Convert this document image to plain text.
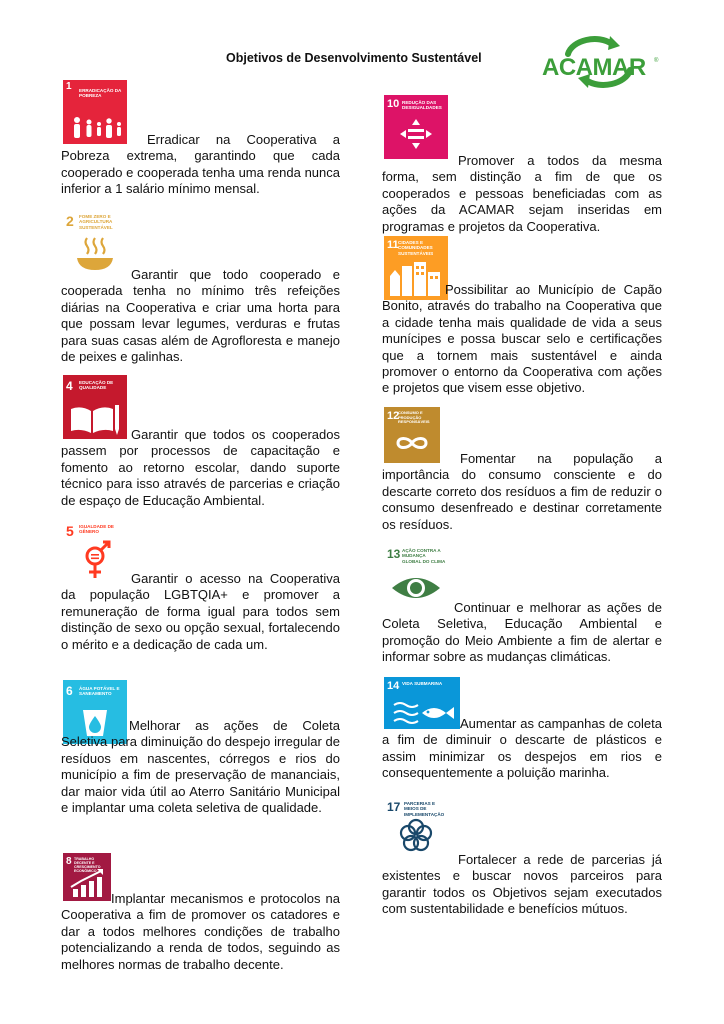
Objetivos de Desenvolvimento Sustentável	ACAMAR ®
1 ERRADICAÇÃO DA POBREZA
Erradicar na Cooperativa a Pobreza extrema, garantindo que cada cooperado e cooperada tenha uma renda nunca inferior a 1 salário mínimo mensal.
2 FOME ZERO E AGRICULTURA SUSTENTÁVEL
Garantir que todo cooperado e cooperada tenha no mínimo três refeições diárias na Cooperativa e criar uma horta para que possam levar legumes, verduras e frutas para suas casas além de Agrofloresta e manejo de peixes e galinhas.
4 EDUCAÇÃO DE QUALIDADE
Garantir que todos os cooperados passem por processos de capacitação e fomento ao retorno escolar, dando suporte técnico para isso através de parcerias e criação de espaço de Educação Ambiental.
5 IGUALDADE DE GÊNERO
Garantir o acesso na Cooperativa da população LGBTQIA+ e promover a remuneração de forma igual para todos sem distinção de sexo ou opção sexual, fortalecendo o mérito e a dedicação de cada um.
6 ÁGUA POTÁVEL E SANEAMENTO
Melhorar as ações de Coleta Seletiva para diminuição do despejo irregular de resíduos em nascentes, córregos e rios do município a fim de preservação de mananciais, dar maior vida útil ao Aterro Sanitário Municipal e implantar uma coleta seletiva de qualidade.
8 TRABALHO DECENTE E CRESCIMENTO ECONÔMICO
Implantar mecanismos e protocolos na Cooperativa a fim de promover os catadores e dar a todos melhores condições de trabalho potencializando a renda de todos, seguindo as melhores normas de trabalho decente.
10 REDUÇÃO DAS DESIGUALDADES
Promover a todos da mesma forma, sem distinção a fim de que os cooperados e pessoas beneficiadas com as ações da ACAMAR sejam inseridas em programas e projetos da Cooperativa.
11 CIDADES E COMUNIDADES SUSTENTÁVEIS
Possibilitar ao Município de Capão Bonito, através do trabalho na Cooperativa que a cidade tenha mais qualidade de vida a seus munícipes e possa buscar selo e certificações que a tornem mais sustentável e ainda promover o entorno da Cooperativa com ações e projetos que visem esse objetivo.
12
CONSUMO E PRODUÇÃO RESPONSÁVEIS
Fomentar na população a importância do consumo consciente e do descarte correto dos resíduos a fim de reduzir o consumo desenfreado e destinar corretamente os resíduos.
13 AÇÃO CONTRA A MUDANÇA GLOBAL DO CLIMA
Continuar e melhorar as ações de Coleta Seletiva, Educação Ambiental e promoção do Meio Ambiente a fim de alertar e informar sobre as mudanças climáticas.
14 VIDA SUBMARINA
Aumentar as campanhas de coleta a fim de diminuir o descarte de plásticos e assim minimizar os despejos em rios e consequentemente a poluição marinha.
17 PARCERIAS E MEIOS DE IMPLEMENTAÇÃO
Fortalecer a rede de parcerias já existentes e buscar novos parceiros para garantir todos os Objetivos sejam executados com sustentabilidade e benefícios mútuos.
